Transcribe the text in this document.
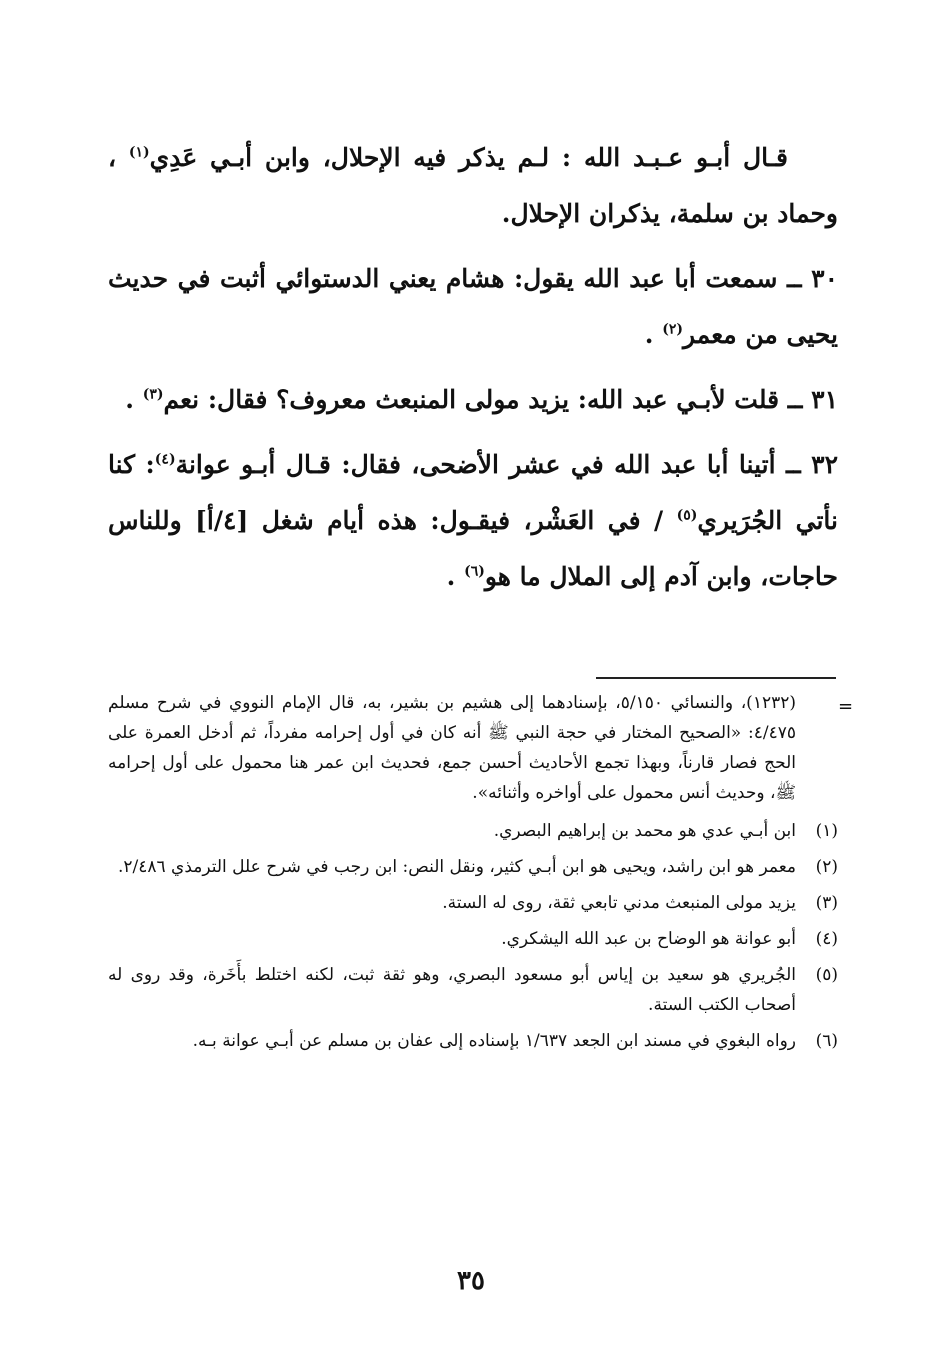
قـال أبـو عـبـد الله : لـم يذكر فيه الإحلال، وابن أبـي عَدِي$^{(١)}$ ، وحماد بن سلمة، يذكران الإحلال.

٣٠ ــ سمعت أبا عبد الله يقول: هشام يعني الدستوائي أثبت في حديث يحيى من معمر$^{(٢)}$ .

٣١ ــ قلت لأبـي عبد الله: يزيد مولى المنبعث معروف؟ فقال: نعم$^{(٣)}$ .

٣٢ ــ أتينا أبا عبد الله في عشر الأضحى، فقال: قـال أبـو عوانة$^{(٤)}$: كنا نأتي الجُرَيري$^{(٥)}$ / في العَشْر، فيقـول: هذه أيام شغل [٤/أ] وللناس حاجات، وابن آدم إلى الملال ما هو$^{(٦)}$ .

=

(١٢٣٢)، والنسائي ٥/١٥٠، بإسنادهما إلى هشيم بن بشير، به، قال الإمام النووي في شرح مسلم ٤/٤٧٥: «الصحيح المختار في حجة النبي ﷺ أنه كان في أول إحرامه مفرداً، ثم أدخل العمرة على الحج فصار قارناً، وبهذا تجمع الأحاديث أحسن جمع، فحديث ابن عمر هنا محمول على أول إحرامه ﷺ، وحديث أنس محمول على أواخره وأثنائه».

(١)
ابن أبـي عدي هو محمد بن إبراهيم البصري.

(٢)
معمر هو ابن راشد، ويحيى هو ابن أبـي كثير، ونقل النص: ابن رجب في شرح علل الترمذي ٢/٤٨٦.

(٣)
يزيد مولى المنبعث مدني تابعي ثقة، روى له الستة.

(٤)
أبو عوانة هو الوضاح بن عبد الله اليشكري.

(٥)
الجُريري هو سعيد بن إياس أبو مسعود البصري، وهو ثقة ثبت، لكنه اختلط بأَخَرة، وقد روى له أصحاب الكتب الستة.

(٦)
رواه البغوي في مسند ابن الجعد ١/٦٣٧ بإسناده إلى عفان بن مسلم عن أبـي عوانة بـه.

٣٥
